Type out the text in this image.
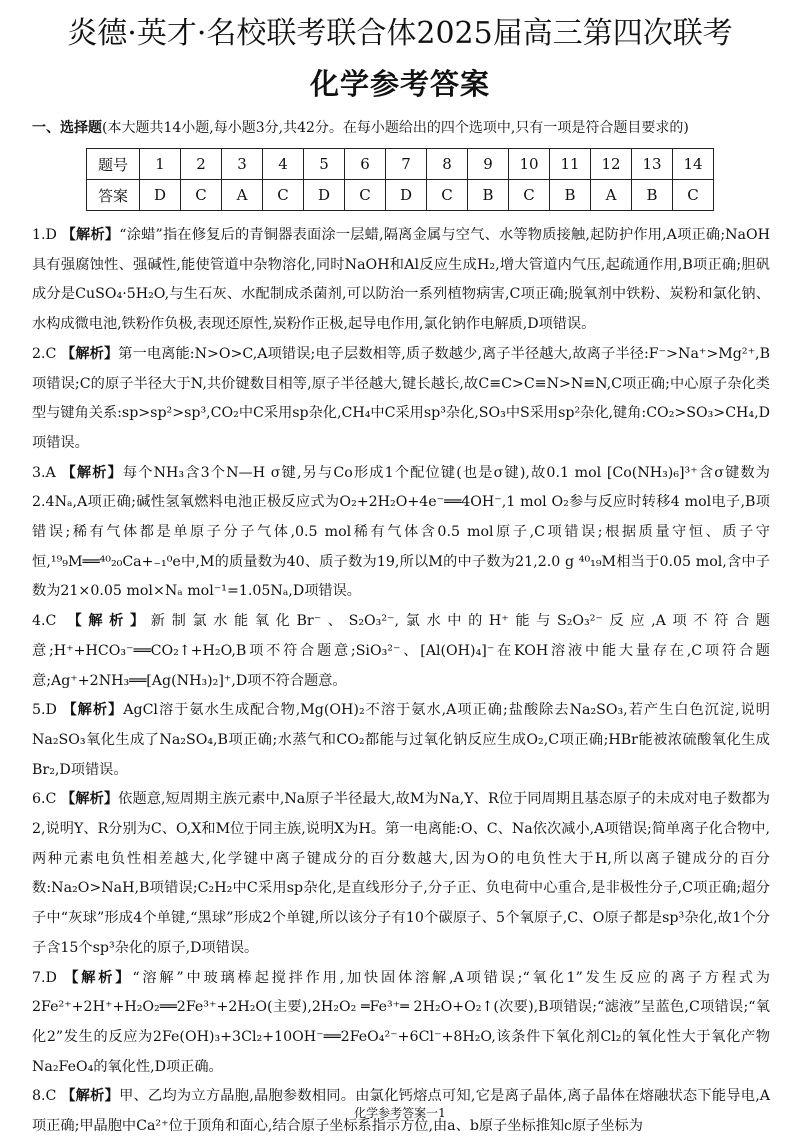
炎德·英才·名校联考联合体2025届高三第四次联考
化学参考答案
一、选择题(本大题共14小题,每小题3分,共42分。在每小题给出的四个选项中,只有一项是符合题目要求的)
题号	1	2	3	4	5	6	7	8	9	10	11	12	13	14
答案	D	C	A	C	D	C	D	C	B	C	B	A	B	C

1.D 【解析】“涂蜡”指在修复后的青铜器表面涂一层蜡,隔离金属与空气、水等物质接触,起防护作用,A项正确;NaOH具有强腐蚀性、强碱性,能使管道中杂物溶化,同时NaOH和Al反应生成H₂,增大管道内气压,起疏通作用,B项正确;胆矾成分是CuSO₄·5H₂O,与生石灰、水配制成杀菌剂,可以防治一系列植物病害,C项正确;脱氧剂中铁粉、炭粉和氯化钠、水构成微电池,铁粉作负极,表现还原性,炭粉作正极,起导电作用,氯化钠作电解质,D项错误。

2.C 【解析】第一电离能:N>O>C,A项错误;电子层数相等,质子数越少,离子半径越大,故离子半径:F⁻>Na⁺>Mg²⁺,B项错误;C的原子半径大于N,共价键数目相等,原子半径越大,键长越长,故C≡C>C≡N>N≡N,C项正确;中心原子杂化类型与键角关系:sp>sp²>sp³,CO₂中C采用sp杂化,CH₄中C采用sp³杂化,SO₃中S采用sp²杂化,键角:CO₂>SO₃>CH₄,D项错误。

3.A 【解析】每个NH₃含3个N—H σ键,另与Co形成1个配位键(也是σ键),故0.1 mol [Co(NH₃)₆]³⁺含σ键数为2.4Nₐ,A项正确;碱性氢氧燃料电池正极反应式为O₂+2H₂O+4e⁻══4OH⁻,1 mol O₂参与反应时转移4 mol电子,B项错误;稀有气体都是单原子分子气体,0.5 mol稀有气体含0.5 mol原子,C项错误;根据质量守恒、质子守恒,¹⁹₉M══⁴⁰₂₀Ca+₋₁⁰e中,M的质量数为40、质子数为19,所以M的中子数为21,2.0 g ⁴⁰₁₉M相当于0.05 mol,含中子数为21×0.05 mol×Nₐ mol⁻¹=1.05Nₐ,D项错误。

4.C 【解析】新制氯水能氧化Br⁻、S₂O₃²⁻,氯水中的H⁺能与S₂O₃²⁻反应,A项不符合题意;H⁺+HCO₃⁻══CO₂↑+H₂O,B项不符合题意;SiO₃²⁻、[Al(OH)₄]⁻在KOH溶液中能大量存在,C项符合题意;Ag⁺+2NH₃══[Ag(NH₃)₂]⁺,D项不符合题意。

5.D 【解析】AgCl溶于氨水生成配合物,Mg(OH)₂不溶于氨水,A项正确;盐酸除去Na₂SO₃,若产生白色沉淀,说明Na₂SO₃氧化生成了Na₂SO₄,B项正确;水蒸气和CO₂都能与过氧化钠反应生成O₂,C项正确;HBr能被浓硫酸氧化生成Br₂,D项错误。

6.C 【解析】依题意,短周期主族元素中,Na原子半径最大,故M为Na,Y、R位于同周期且基态原子的未成对电子数都为2,说明Y、R分别为C、O,X和M位于同主族,说明X为H。第一电离能:O、C、Na依次减小,A项错误;简单离子化合物中,两种元素电负性相差越大,化学键中离子键成分的百分数越大,因为O的电负性大于H,所以离子键成分的百分数:Na₂O>NaH,B项错误;C₂H₂中C采用sp杂化,是直线形分子,分子正、负电荷中心重合,是非极性分子,C项正确;超分子中“灰球”形成4个单键,“黑球”形成2个单键,所以该分子有10个碳原子、5个氧原子,C、O原子都是sp³杂化,故1个分子含15个sp³杂化的原子,D项错误。

7.D 【解析】“溶解”中玻璃棒起搅拌作用,加快固体溶解,A项错误;“氧化1”发生反应的离子方程式为2Fe²⁺+2H⁺+H₂O₂══2Fe³⁺+2H₂O(主要),2H₂O₂ ═Fe³⁺═ 2H₂O+O₂↑(次要),B项错误;“滤液”呈蓝色,C项错误;“氧化2”发生的反应为2Fe(OH)₃+3Cl₂+10OH⁻══2FeO₄²⁻+6Cl⁻+8H₂O,该条件下氧化剂Cl₂的氧化性大于氧化产物Na₂FeO₄的氧化性,D项正确。

8.C 【解析】甲、乙均为立方晶胞,晶胞参数相同。由氯化钙熔点可知,它是离子晶体,离子晶体在熔融状态下能导电,A项正确;甲晶胞中Ca²⁺位于顶角和面心,结合原子坐标系指示方位,由a、b原子坐标推知c原子坐标为

化学参考答案一1
